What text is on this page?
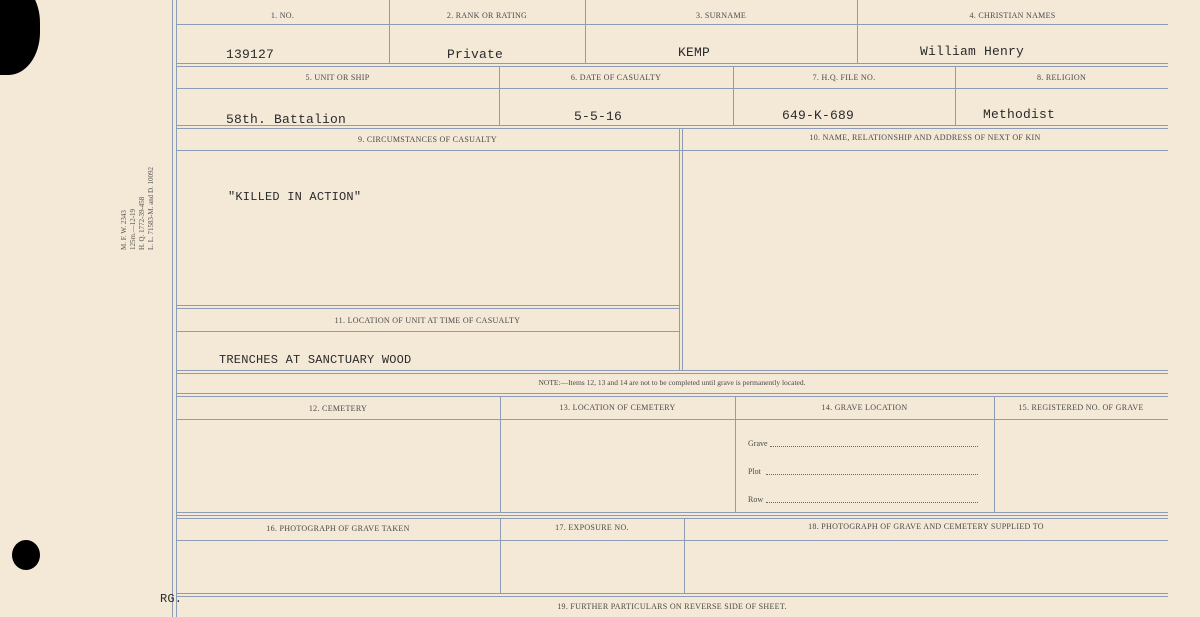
M. F. W. 2343 125m.—12-19 H. Q. 1772-39-458 L. L. 71583-M. and D. 10092
1. NO.	2. RANK OR RATING	3. SURNAME	4. CHRISTIAN NAMES
139127	Private	KEMP	William Henry
5. UNIT OR SHIP	6. DATE OF CASUALTY	7. H.Q. FILE NO.	8. RELIGION
58th. Battalion	5-5-16	649-K-689	Methodist
9. CIRCUMSTANCES OF CASUALTY	10. NAME, RELATIONSHIP AND ADDRESS OF NEXT OF KIN
"KILLED IN ACTION"
11. LOCATION OF UNIT AT TIME OF CASUALTY
TRENCHES AT SANCTUARY WOOD
NOTE:—Items 12, 13 and 14 are not to be completed until grave is permanently located.
12. CEMETERY	13. LOCATION OF CEMETERY	14. GRAVE LOCATION	15. REGISTERED NO. OF GRAVE
Grave
Plot
Row
16. PHOTOGRAPH OF GRAVE TAKEN	17. EXPOSURE NO.	18. PHOTOGRAPH OF GRAVE AND CEMETERY SUPPLIED TO
19. FURTHER PARTICULARS ON REVERSE SIDE OF SHEET.
RG.
